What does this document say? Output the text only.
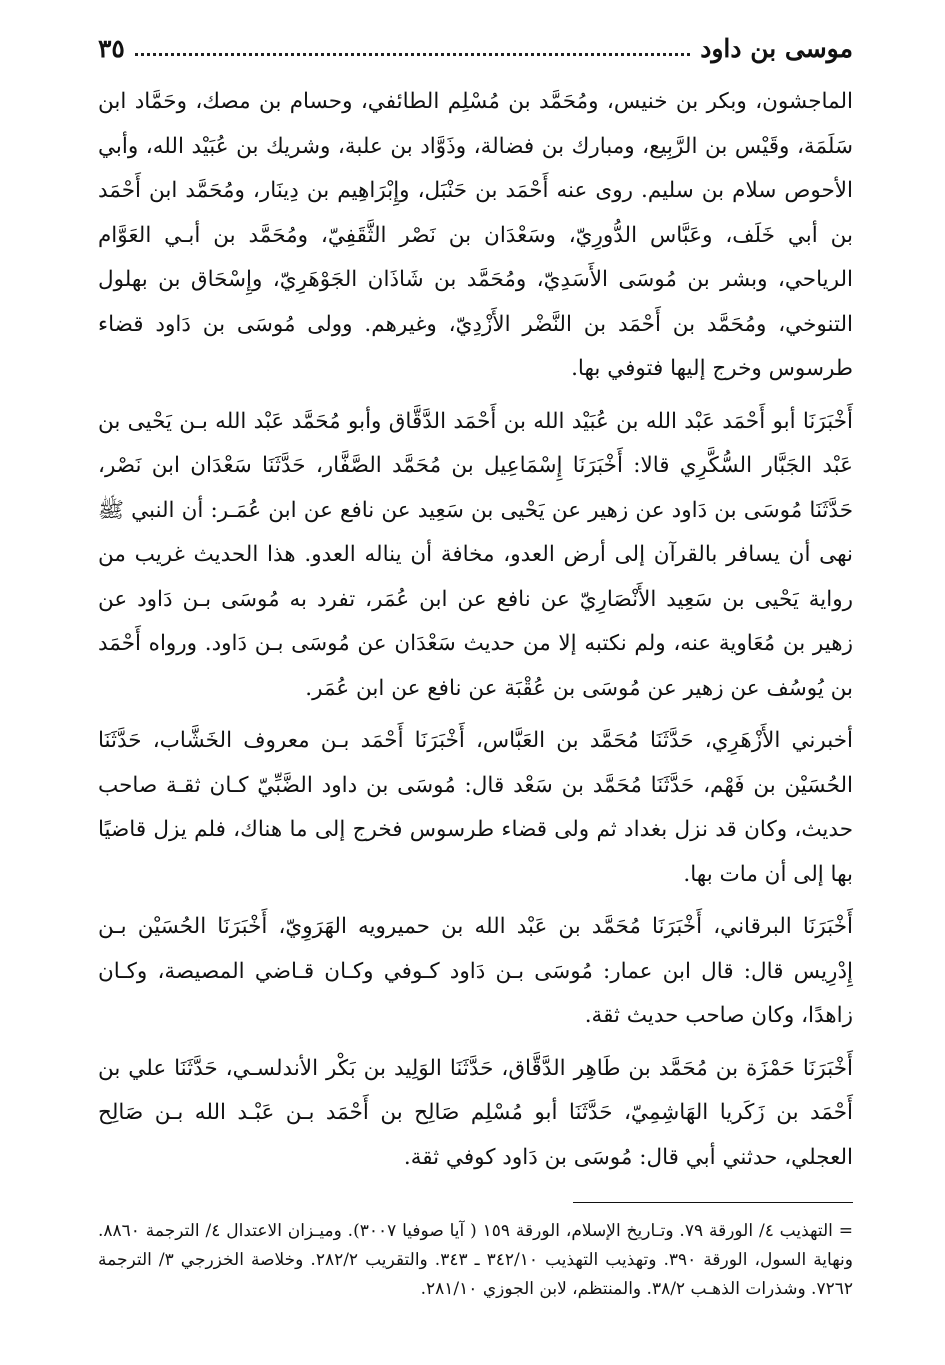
موسى بن داود
٣٥

الماجشون، وبكر بن خنيس، ومُحَمَّد بن مُسْلِم الطائفي، وحسام بن مصك، وحَمَّاد ابن سَلَمَة، وقَيْس بن الرَّبِيع، ومبارك بن فضالة، وذَوَّاد بن علبة، وشريك بن عُبَيْد الله، وأبي الأحوص سلام بن سليم. روى عنه أَحْمَد بن حَنْبَل، وإِبْرَاهِيم بن دِينَار، ومُحَمَّد ابن أَحْمَد بن أبي خَلَف، وعَبَّاس الدُّورِيّ، وسَعْدَان بن نَصْر الثَّقَفِيّ، ومُحَمَّد بن أبـي العَوَّام الرياحي، وبشر بن مُوسَى الأَسَدِيّ، ومُحَمَّد بن شَاذَان الجَوْهَرِيّ، وإِسْحَاق بن بهلول التنوخي، ومُحَمَّد بن أَحْمَد بن النَّضْر الأَزْدِيّ، وغيرهم. وولى مُوسَى بن دَاود قضاء طرسوس وخرج إليها فتوفي بها.

أَخْبَرَنَا أبو أَحْمَد عَبْد الله بن عُبَيْد الله بن أَحْمَد الدَّقَّاق وأبو مُحَمَّد عَبْد الله بـن يَحْيى بن عَبْد الجَبَّار السُّكَّرِي قالا: أَخْبَرَنَا إِسْمَاعِيل بن مُحَمَّد الصَّفَّار، حَدَّثَنَا سَعْدَان ابن نَصْر، حَدَّثَنَا مُوسَى بن دَاود عن زهير عن يَحْيى بن سَعِيد عن نافع عن ابن عُمَـر: أن النبي ﷺ نهى أن يسافر بالقرآن إلى أرض العدو، مخافة أن يناله العدو. هذا الحديث غريب من رواية يَحْيى بن سَعِيد الأَنْصَارِيّ عن نافع عن ابن عُمَر، تفرد به مُوسَى بـن دَاود عن زهير بن مُعَاوية عنه، ولم نكتبه إلا من حديث سَعْدَان عن مُوسَى بـن دَاود. ورواه أَحْمَد بن يُوسُف عن زهير عن مُوسَى بن عُقْبَة عن نافع عن ابن عُمَر.

أخبرني الأَزْهَرِي، حَدَّثَنَا مُحَمَّد بن العَبَّاس، أَخْبَرَنَا أَحْمَد بـن معروف الخَشَّاب، حَدَّثَنَا الحُسَيْن بن فَهْم، حَدَّثَنَا مُحَمَّد بن سَعْد قال: مُوسَى بن داود الضَّبِّيّ كـان ثقـة صاحب حديث، وكان قد نزل بغداد ثم ولى قضاء طرسوس فخرج إلى ما هناك، فلم يزل قاضيًا بها إلى أن مات بها.

أَخْبَرَنَا البرقاني، أَخْبَرَنَا مُحَمَّد بن عَبْد الله بن حمیرويه الهَرَوِيّ، أَخْبَرَنَا الحُسَيْن بـن إِدْرِيس قال: قال ابن عمار: مُوسَى بـن دَاود كـوفي وكـان قـاضي المصيصة، وكـان زاهدًا، وكان صاحب حديث ثقة.

أَخْبَرَنَا حَمْزَة بن مُحَمَّد بن طَاهِر الدَّقَّاق، حَدَّثَنَا الوَلِيد بن بَكْر الأندلسـي، حَدَّثَنَا علي بن أَحْمَد بن زَكَريا الهَاشِمِيّ، حَدَّثَنَا أبو مُسْلِم صَالِح بن أَحْمَد بـن عَبْـد الله بـن صَالِح العجلي، حدثني أبي قال: مُوسَى بن دَاود كوفي ثقة.

= التهذيب ٤/ الورقة ٧٩. وتـاريخ الإسلام، الورقة ١٥٩ ( آيا صوفيا ٣٠٠٧). وميـزان الاعتدال ٤/ الترجمة ٨٨٦٠. ونهاية السول، الورقة ٣٩٠. وتهذيب التهذيب ٣٤٢/١٠ ـ ٣٤٣. والتقريب ٢٨٢/٢. وخلاصة الخزرجي ٣/ الترجمة ٧٢٦٢. وشذرات الذهـب ٣٨/٢. والمنتظم، لابن الجوزي ٢٨١/١٠.
